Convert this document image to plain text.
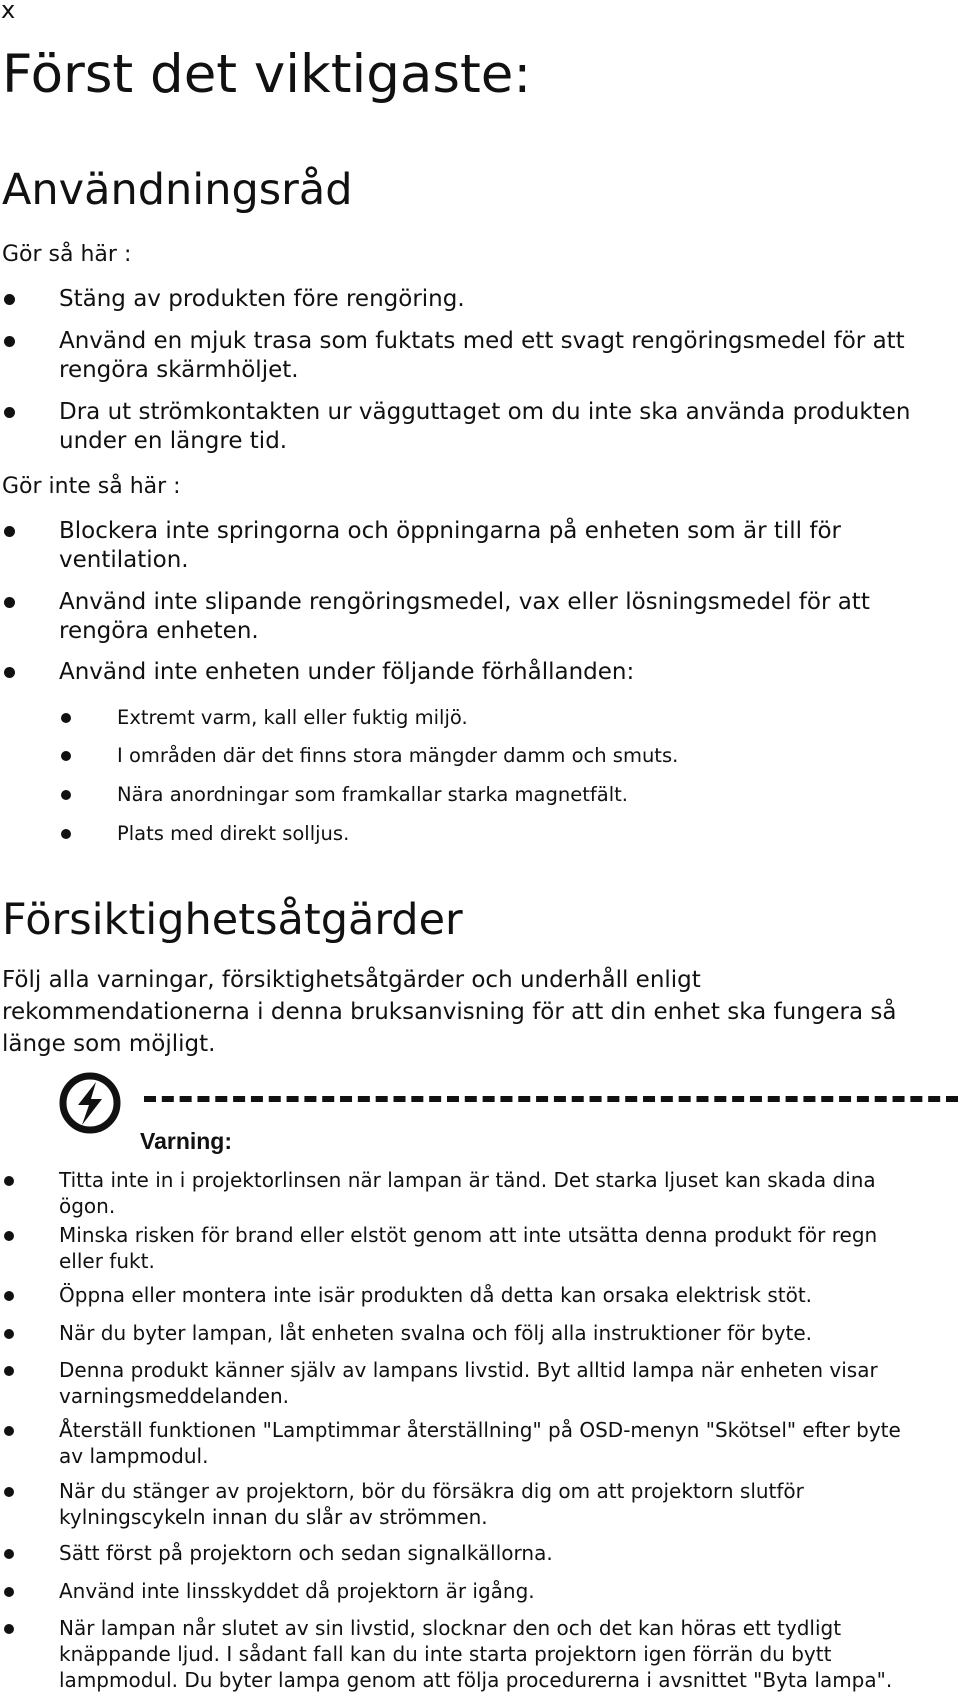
x
Först det viktigaste:
Användningsråd
Gör så här :
Stäng av produkten före rengöring.
Använd en mjuk trasa som fuktats med ett svagt rengöringsmedel för att
rengöra skärmhöljet.
Dra ut strömkontakten ur vägguttaget om du inte ska använda produkten
under en längre tid.
Gör inte så här :
Blockera inte springorna och öppningarna på enheten som är till för
ventilation.
Använd inte slipande rengöringsmedel, vax eller lösningsmedel för att
rengöra enheten.
Använd inte enheten under följande förhållanden:
Extremt varm, kall eller fuktig miljö.
I områden där det finns stora mängder damm och smuts.
Nära anordningar som framkallar starka magnetfält.
Plats med direkt solljus.
Försiktighetsåtgärder
Följ alla varningar, försiktighetsåtgärder och underhåll enligt
rekommendationerna i denna bruksanvisning för att din enhet ska fungera så
länge som möjligt.
Varning:
Titta inte in i projektorlinsen när lampan är tänd. Det starka ljuset kan skada dina
ögon.
Minska risken för brand eller elstöt genom att inte utsätta denna produkt för regn
eller fukt.
Öppna eller montera inte isär produkten då detta kan orsaka elektrisk stöt.
När du byter lampan, låt enheten svalna och följ alla instruktioner för byte.
Denna produkt känner själv av lampans livstid. Byt alltid lampa när enheten visar
varningsmeddelanden.
Återställ funktionen "Lamptimmar återställning" på OSD-menyn "Skötsel" efter byte
av lampmodul.
När du stänger av projektorn, bör du försäkra dig om att projektorn slutför
kylningscykeln innan du slår av strömmen.
Sätt först på projektorn och sedan signalkällorna.
Använd inte linsskyddet då projektorn är igång.
När lampan når slutet av sin livstid, slocknar den och det kan höras ett tydligt
knäppande ljud. I sådant fall kan du inte starta projektorn igen förrän du bytt
lampmodul. Du byter lampa genom att följa procedurerna i avsnittet "Byta lampa".
